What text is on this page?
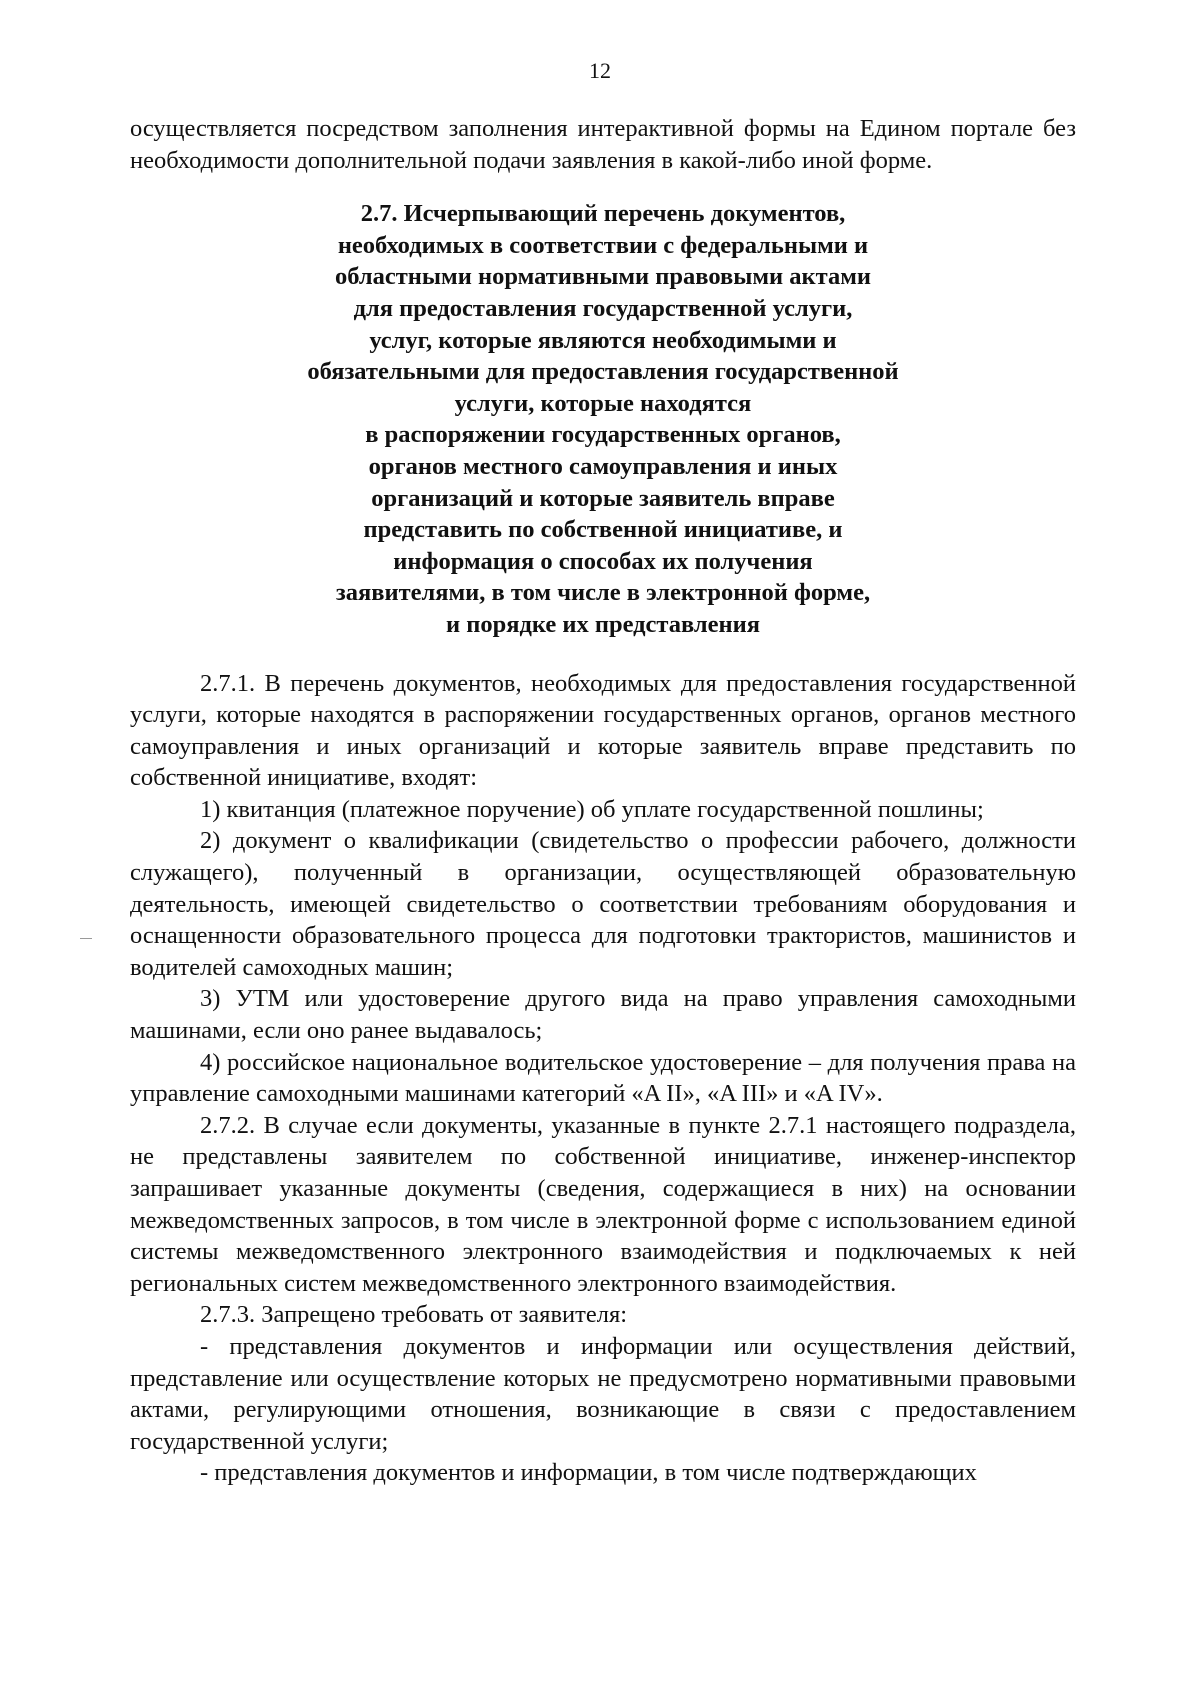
12

осуществляется посредством заполнения интерактивной формы на Едином портале без необходимости дополнительной подачи заявления в какой-либо иной форме.

2.7. Исчерпывающий перечень документов,
необходимых в соответствии с федеральными и
областными нормативными правовыми актами
для предоставления государственной услуги,
услуг, которые являются необходимыми и
обязательными для предоставления государственной
услуги, которые находятся
в распоряжении государственных органов,
органов местного самоуправления и иных
организаций и которые заявитель вправе
представить по собственной инициативе, и
информация о способах их получения
заявителями, в том числе в электронной форме,
и порядке их представления

2.7.1. В перечень документов, необходимых для предоставления государственной услуги, которые находятся в распоряжении государственных органов, органов местного самоуправления и иных организаций и которые заявитель вправе представить по собственной инициативе, входят:

1) квитанция (платежное поручение) об уплате государственной пошлины;

2) документ о квалификации (свидетельство о профессии рабочего, должности служащего), полученный в организации, осуществляющей образовательную деятельность, имеющей свидетельство о соответствии требованиям оборудования и оснащенности образовательного процесса для подготовки трактористов, машинистов и водителей самоходных машин;

3) УТМ или удостоверение другого вида на право управления самоходными машинами, если оно ранее выдавалось;

4) российское национальное водительское удостоверение – для получения права на управление самоходными машинами категорий «A II», «A III» и «A IV».

2.7.2. В случае если документы, указанные в пункте 2.7.1 настоящего подраздела, не представлены заявителем по собственной инициативе, инженер-инспектор запрашивает указанные документы (сведения, содержащиеся в них) на основании межведомственных запросов, в том числе в электронной форме с использованием единой системы межведомственного электронного взаимодействия и подключаемых к ней региональных систем межведомственного электронного взаимодействия.

2.7.3. Запрещено требовать от заявителя:

- представления документов и информации или осуществления действий, представление или осуществление которых не предусмотрено нормативными правовыми актами, регулирующими отношения, возникающие в связи с предоставлением государственной услуги;

- представления документов и информации, в том числе подтверждающих
